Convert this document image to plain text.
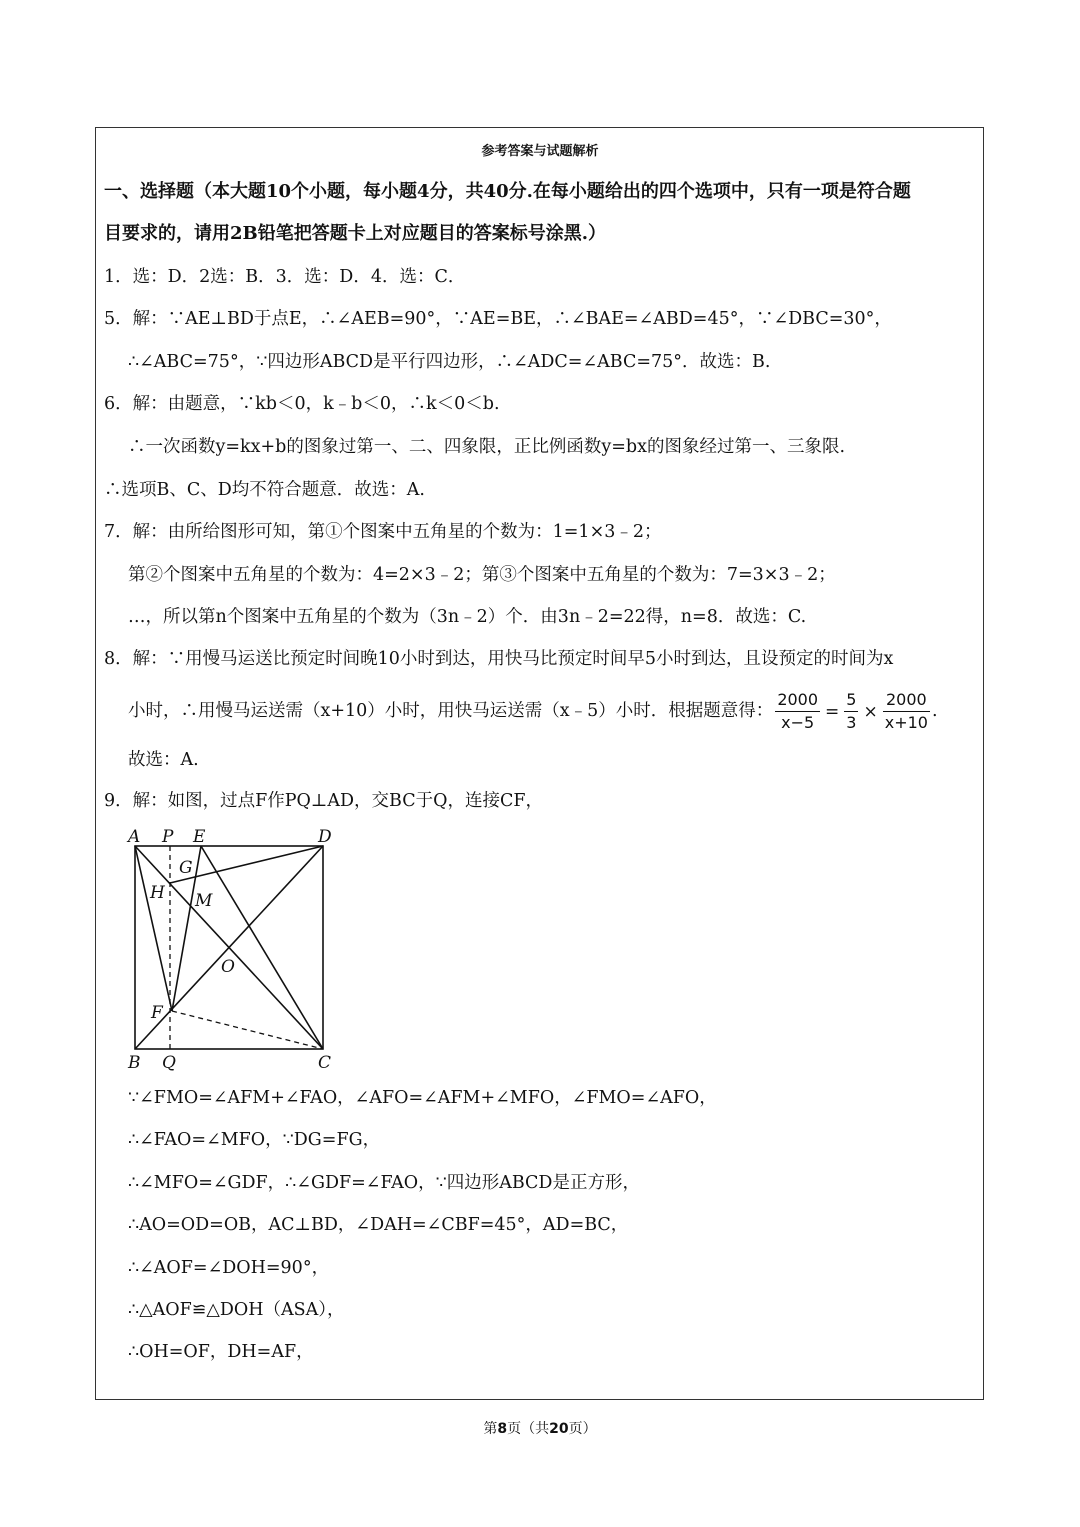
参考答案与试题解析
一、选择题（本大题10个小题，每小题4分，共40分.在每小题给出的四个选项中，只有一项是符合题
目要求的，请用2B铅笔把答题卡上对应题目的答案标号涂黑.）
1．选：D．2选：B．3．选：D．4．选：C．
5．解：∵AE⊥BD于点E，∴∠AEB=90°，∵AE=BE，∴∠BAE=∠ABD=45°，∵∠DBC=30°，
∴∠ABC=75°，∵四边形ABCD是平行四边形，∴∠ADC=∠ABC=75°．故选：B.
6．解：由题意，∵kb＜0，k﹣b＜0，∴k＜0＜b.
∴一次函数y=kx+b的图象过第一、二、四象限，正比例函数y=bx的图象经过第一、三象限.
∴选项B、C、D均不符合题意．故选：A.
7．解：由所给图形可知，第①个图案中五角星的个数为：1=1×3﹣2；
第②个图案中五角星的个数为：4=2×3﹣2；第③个图案中五角星的个数为：7=3×3﹣2；
…，所以第n个图案中五角星的个数为（3n﹣2）个．由3n﹣2=22得，n=8．故选：C.
8．解：∵用慢马运送比预定时间晚10小时到达，用快马比预定时间早5小时到达，且设预定的时间为x
小时，∴用慢马运送需（x+10）小时，用快马运送需（x﹣5）小时．根据题意得： $\frac{2000}{x-5} = \frac{5}{3} \times \frac{2000}{x+10}$ .
故选：A.
9．解：如图，过点F作PQ⊥AD，交BC于Q，连接CF，
A P E	D
G
H M
O
F
B Q	C
∵∠FMO=∠AFM+∠FAO，∠AFO=∠AFM+∠MFO，∠FMO=∠AFO，
∴∠FAO=∠MFO，∵DG=FG，
∴∠MFO=∠GDF，∴∠GDF=∠FAO，∵四边形ABCD是正方形，
∴AO=OD=OB，AC⊥BD，∠DAH=∠CBF=45°，AD=BC，
∴∠AOF=∠DOH=90°，
∴△AOF≌△DOH（ASA），
∴OH=OF，DH=AF，
第8页（共20页）
